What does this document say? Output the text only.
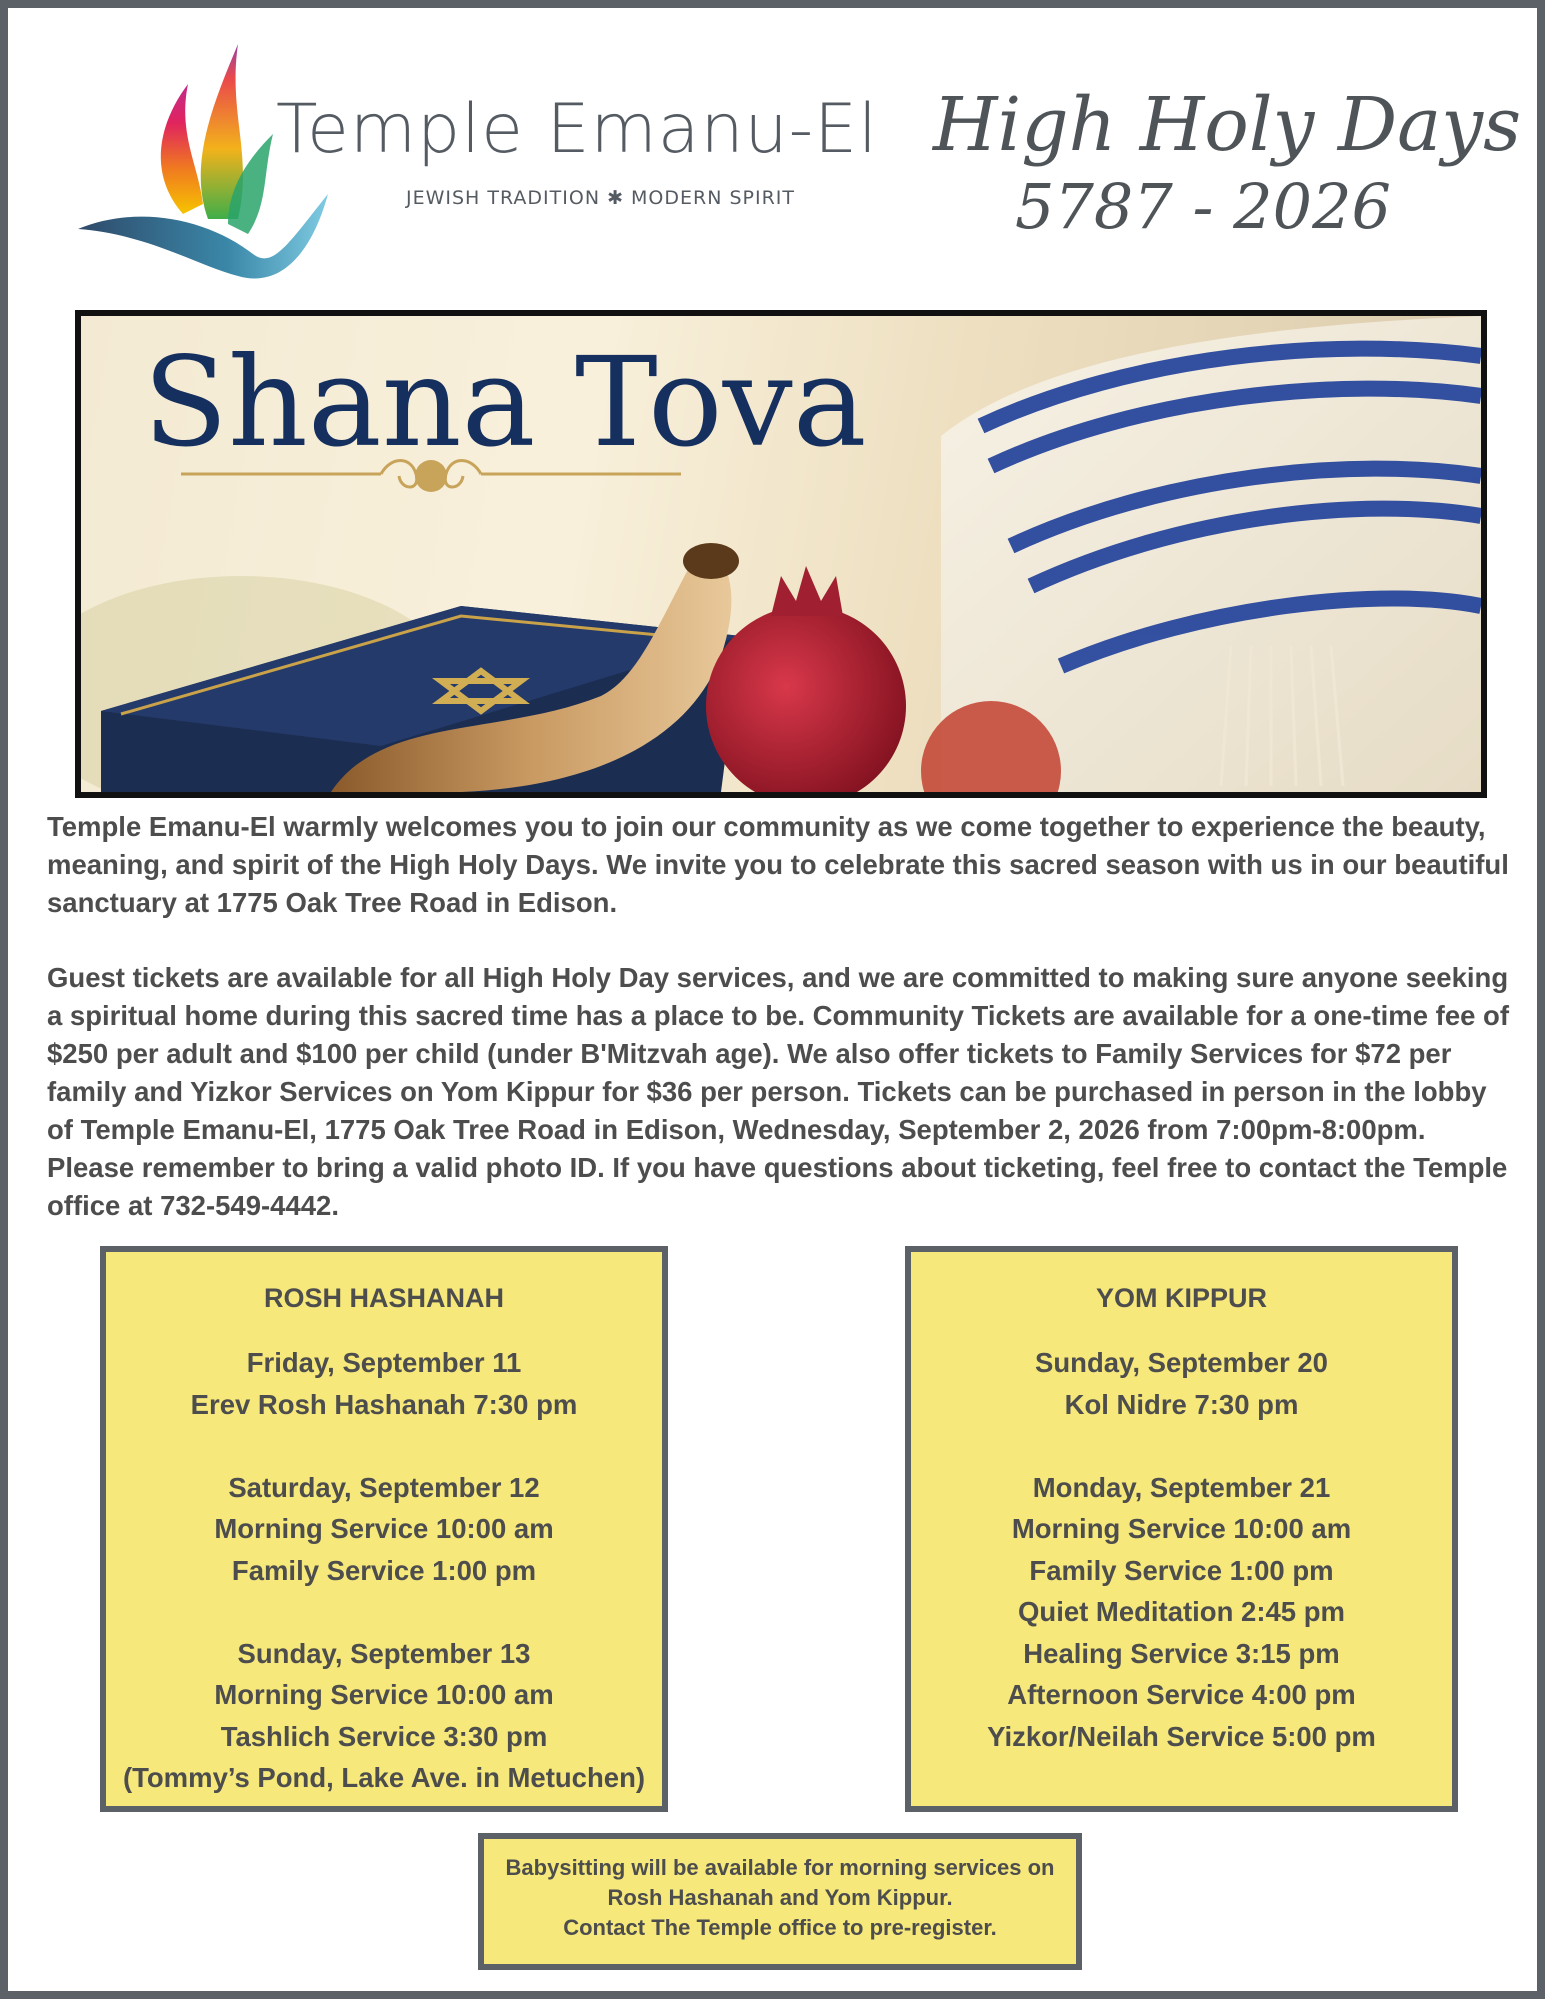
Temple Emanu-El
JEWISH TRADITION ✱ MODERN SPIRIT
High Holy Days
5787 - 2026
Shana Tova

Temple Emanu-El warmly welcomes you to join our community as we come together to experience the beauty, meaning, and spirit of the High Holy Days. We invite you to celebrate this sacred season with us in our beautiful sanctuary at 1775 Oak Tree Road in Edison.

Guest tickets are available for all High Holy Day services, and we are committed to making sure anyone seeking a spiritual home during this sacred time has a place to be. Community Tickets are available for a one-time fee of $250 per adult and $100 per child (under B'Mitzvah age). We also offer tickets to Family Services for $72 per family and Yizkor Services on Yom Kippur for $36 per person. Tickets can be purchased in person in the lobby of Temple Emanu-El, 1775 Oak Tree Road in Edison, Wednesday, September 2, 2026 from 7:00pm-8:00pm. Please remember to bring a valid photo ID. If you have questions about ticketing, feel free to contact the Temple office at 732-549-4442.

ROSH HASHANAH
Friday, September 11
Erev Rosh Hashanah 7:30 pm
Saturday, September 12
Morning Service 10:00 am
Family Service 1:00 pm
Sunday, September 13
Morning Service 10:00 am
Tashlich Service 3:30 pm
(Tommy’s Pond, Lake Ave. in Metuchen)
YOM KIPPUR
Sunday, September 20
Kol Nidre 7:30 pm
Monday, September 21
Morning Service 10:00 am
Family Service 1:00 pm
Quiet Meditation 2:45 pm
Healing Service 3:15 pm
Afternoon Service 4:00 pm
Yizkor/Neilah Service 5:00 pm
Babysitting will be available for morning services on
Rosh Hashanah and Yom Kippur.
Contact The Temple office to pre-register.
